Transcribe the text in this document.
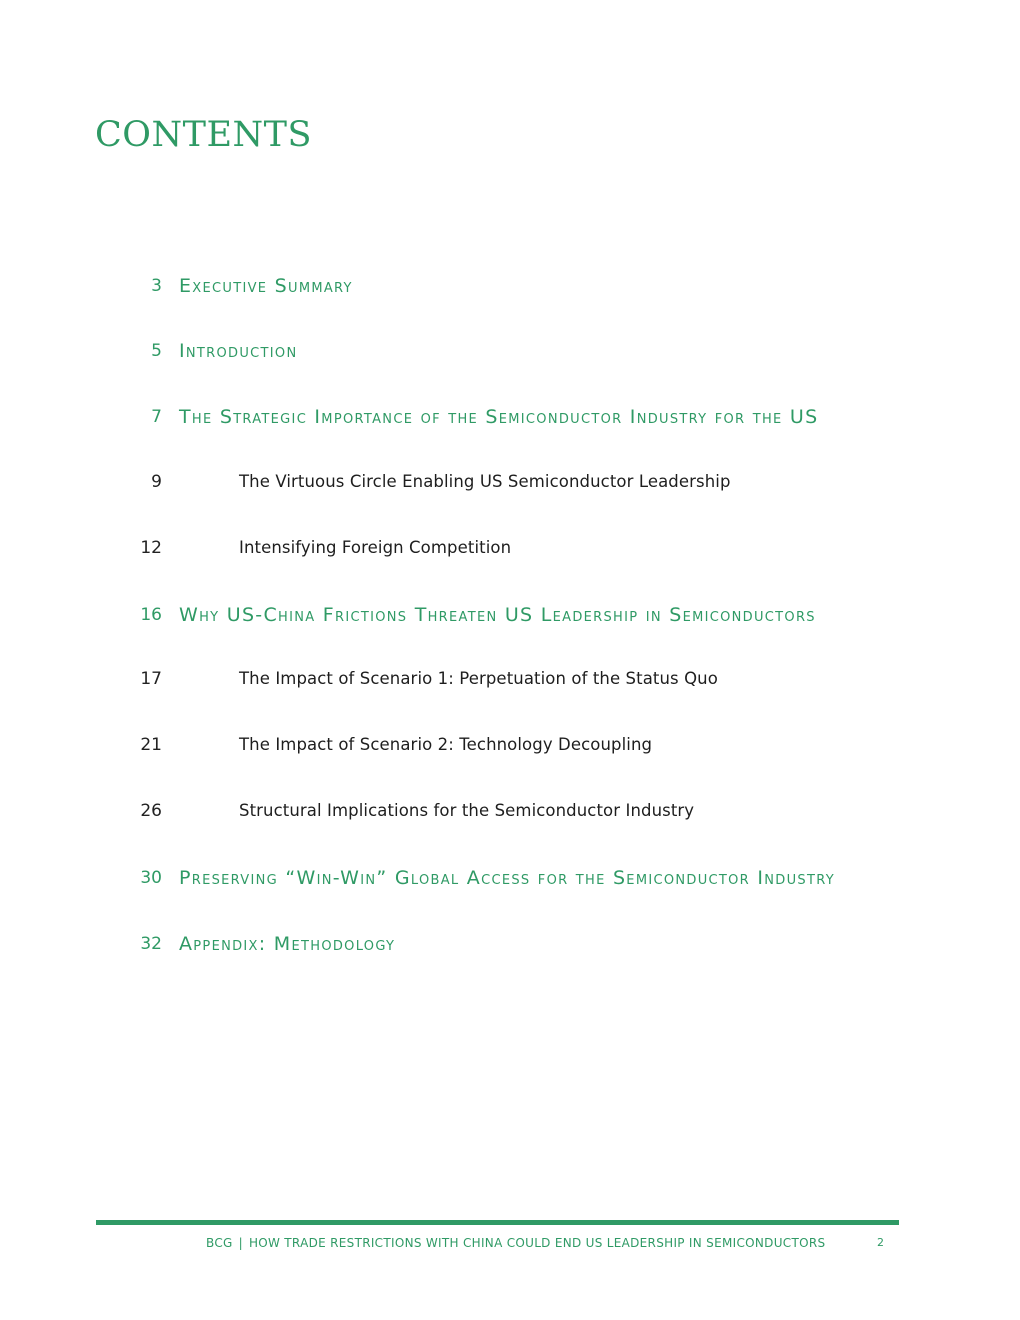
CONTENTS
3 Executive Summary
5 Introduction
7 The Strategic Importance of the Semiconductor Industry for the US
9	The Virtuous Circle Enabling US Semiconductor Leadership
12	Intensifying Foreign Competition
16 Why US-China Frictions Threaten US Leadership in Semiconductors
17	The Impact of Scenario 1: Perpetuation of the Status Quo
21	The Impact of Scenario 2: Technology Decoupling
26	Structural Implications for the Semiconductor Industry
30 Preserving “Win-Win” Global Access for the Semiconductor Industry
32 Appendix: Methodology
BCG | HOW TRADE RESTRICTIONS WITH CHINA COULD END US LEADERSHIP IN SEMICONDUCTORS	2
